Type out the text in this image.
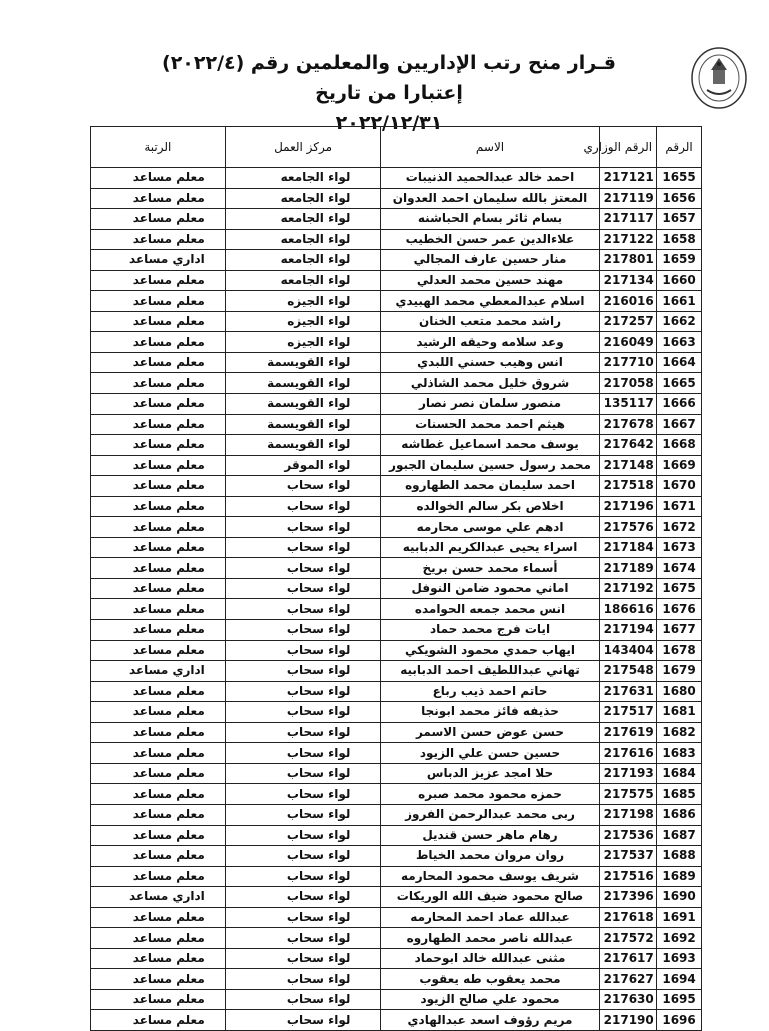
قـرار منح رتب الإداريين والمعلمين رقم (٢٠٢٢/٤) إعتبارا من تاريخ
٢٠٢٢/١٢/٣١
الرقم	الرقم الوزاري	الاسم	مركز العمل	الرتبة
1655	217121	احمد خالد عبدالحميد الذنيبات	لواء الجامعه	معلم مساعد
1656	217119	المعتز بالله سليمان احمد العدوان	لواء الجامعه	معلم مساعد
1657	217117	بسام ثائر بسام الحباشنه	لواء الجامعه	معلم مساعد
1658	217122	علاءالدين عمر حسن الخطيب	لواء الجامعه	معلم مساعد
1659	217801	منار حسين عارف المجالي	لواء الجامعه	اداري مساعد
1660	217134	مهند حسين محمد العدلي	لواء الجامعه	معلم مساعد
1661	216016	اسلام عبدالمعطي محمد الهبيدي	لواء الجيزه	معلم مساعد
1662	217257	راشد محمد متعب الخنان	لواء الجيزه	معلم مساعد
1663	216049	وعد سلامه وحيقه الرشيد	لواء الجيزه	معلم مساعد
1664	217710	انس وهيب حسني اللبدي	لواء القويسمة	معلم مساعد
1665	217058	شروق خليل محمد الشاذلي	لواء القويسمة	معلم مساعد
1666	135117	منصور سلمان نصر نصار	لواء القويسمة	معلم مساعد
1667	217678	هيثم احمد محمد الحسنات	لواء القويسمة	معلم مساعد
1668	217642	يوسف محمد اسماعيل غطاشه	لواء القويسمة	معلم مساعد
1669	217148	محمد رسول حسين سليمان الجبور	لواء الموقر	معلم مساعد
1670	217518	احمد سليمان محمد الطهاروه	لواء سحاب	معلم مساعد
1671	217196	اخلاص بكر سالم الخوالده	لواء سحاب	معلم مساعد
1672	217576	ادهم علي موسى محارمه	لواء سحاب	معلم مساعد
1673	217184	اسراء يحيى عبدالكريم الدبابيه	لواء سحاب	معلم مساعد
1674	217189	أسماء محمد حسن بريخ	لواء سحاب	معلم مساعد
1675	217192	اماني محمود ضامن النوفل	لواء سحاب	معلم مساعد
1676	186616	انس محمد جمعه الحوامده	لواء سحاب	معلم مساعد
1677	217194	ايات فرج محمد حماد	لواء سحاب	معلم مساعد
1678	143404	ايهاب حمدي محمود الشويكي	لواء سحاب	معلم مساعد
1679	217548	تهاني عبداللطيف احمد الدبابيه	لواء سحاب	اداري مساعد
1680	217631	حاتم احمد ذيب رباع	لواء سحاب	معلم مساعد
1681	217517	حذيفه فائز محمد ابونجا	لواء سحاب	معلم مساعد
1682	217619	حسن عوض حسن الاسمر	لواء سحاب	معلم مساعد
1683	217616	حسين حسن علي الزيود	لواء سحاب	معلم مساعد
1684	217193	حلا امجد عزيز الدباس	لواء سحاب	معلم مساعد
1685	217575	حمزه محمود محمد صبره	لواء سحاب	معلم مساعد
1686	217198	ربى محمد عبدالرحمن الفروز	لواء سحاب	معلم مساعد
1687	217536	رهام ماهر حسن قنديل	لواء سحاب	معلم مساعد
1688	217537	روان مروان محمد الخياط	لواء سحاب	معلم مساعد
1689	217516	شريف يوسف محمود المحارمه	لواء سحاب	معلم مساعد
1690	217396	صالح محمود ضيف الله الوريكات	لواء سحاب	اداري مساعد
1691	217618	عبدالله عماد احمد المحارمه	لواء سحاب	معلم مساعد
1692	217572	عبدالله ناصر محمد الطهاروه	لواء سحاب	معلم مساعد
1693	217617	مثنى عبدالله خالد ابوحماد	لواء سحاب	معلم مساعد
1694	217627	محمد يعقوب طه يعقوب	لواء سحاب	معلم مساعد
1695	217630	محمود علي صالح الزيود	لواء سحاب	معلم مساعد
1696	217190	مريم رؤوف اسعد عبدالهادي	لواء سحاب	معلم مساعد
